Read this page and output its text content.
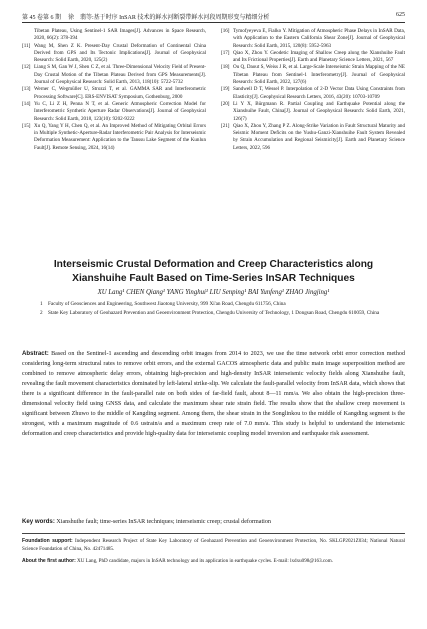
第 45 卷第 6 期 徐　翡等:基于时序 InSAR 技术的鲜水河断裂带鲜水河段周期形变与精细分析	625
Tibetan Plateau, Using Sentinel-1 SAR Images[J]. Advances in Space Research, 2020, 66(2): 378-394
[11] Wang M, Shen Z K. Present-Day Crustal Deformation of Continental China Derived from GPS and Its Tectonic Implications[J]. Journal of Geophysical Research: Solid Earth, 2020, 125(2)
[12] Liang S M, Gan W J, Shen C Z, et al. Three-Dimensional Velocity Field of Present-Day Crustal Motion of the Tibetan Plateau Derived from GPS Measurements[J]. Journal of Geophysical Research: Solid Earth, 2013, 118(10): 5722-5732
[13] Werner C, Wegmüller U, Strozzi T, et al. GAMMA SAR and Interferometric Processing Software[C]. ERS-ENVISAT Symposium, Gothenburg, 2000
[14] Yu C, Li Z H, Penna N T, et al. Generic Atmospheric Correction Model for Interferometric Synthetic Aperture Radar Observations[J]. Journal of Geophysical Research: Solid Earth, 2018, 123(10): 9202-9222
[15] Xu Q, Yang Y H, Chen Q, et al. An Improved Method of Mitigating Orbital Errors in Multiple Synthetic-Aperture-Radar Interferometric Pair Analysis for Interseismic Deformation Measurement: Application to the Tanssu Lake Segment of the Kunlun Fault[J]. Remote Sensing, 2024, 16(14)
[16] Tymofyeyeva E, Fialko Y. Mitigation of Atmospheric Phase Delays in InSAR Data, with Application to the Eastern California Shear Zone[J]. Journal of Geophysical Research: Solid Earth, 2015, 120(8): 5952-5963
[17] Qiao X, Zhou Y. Geodetic Imaging of Shallow Creep along the Xianshuihe Fault and Its Frictional Properties[J]. Earth and Planetary Science Letters, 2021, 567
[18] Ou Q, Daout S, Weiss J R, et al. Large-Scale Interseismic Strain Mapping of the NE Tibetan Plateau from Sentinel-1 Interferometry[J]. Journal of Geophysical Research: Solid Earth, 2022, 127(6)
[19] Sandwell D T, Wessel P. Interpolation of 2-D Vector Data Using Constraints from Elasticity[J]. Geophysical Research Letters, 2016, 43(20): 10703-10709
[20] Li Y X, Bürgmann R. Partial Coupling and Earthquake Potential along the Xianshuihe Fault, China[J]. Journal of Geophysical Research: Solid Earth, 2021, 126(7)
[21] Qiao X, Zhou Y, Zhang P Z. Along-Strike Variation in Fault Structural Maturity and Seismic Moment Deficits on the Yushu-Ganzi-Xianshuihe Fault System Revealed by Strain Accumulation and Regional Seismicity[J]. Earth and Planetary Science Letters, 2022, 596
Interseismic Crustal Deformation and Creep Characteristics along
Xianshuihe Fault Based on Time-Series InSAR Techniques
XU Lang¹ CHEN Qiang¹ YANG Yinghui¹ LIU Senping¹ BAI Yunfeng¹ ZHAO Jingjing¹
1	Faculty of Geosciences and Engineering, Southwest Jiaotong University, 999 Xi'an Road, Chengdu 611756, China
2	State Key Laboratory of Geohazard Prevention and Geoenvironment Protection, Chengdu University of Technology, 1 Dongsan Road, Chengdu 610059, China
Abstract: Based on the Sentinel-1 ascending and descending orbit images from 2014 to 2023, we use the time network orbit error correction method considering long-term structural rates to remove orbit errors, and the external GACOS atmospheric data and public main image superposition method are combined to remove atmospheric delay errors, obtaining high-precision and high-density InSAR interseismic velocity fields along Xianshuihe fault, revealing the fault movement characteristics dominated by left-lateral strike-slip. We calculate the fault-parallel velocity from InSAR data, which shows that there is a significant difference in the fault-parallel rate on both sides of far-field fault, about 8—11 mm/a. We also obtain the high-precision three-dimensional velocity field using GNSS data, and calculate the maximum shear rate strain field. The results show that the shallow creep movement is significant between Zhuwo to the middle of Kangding segment. Among them, the shear strain in the Songlinkou to the middle of Kangding segment is the strongest, with a maximum magnitude of 0.6 ustrain/a and a maximum creep rate of 7.0 mm/a. This study is helpful to understand the interseismic deformation and creep characteristics and provide high-quality data for interseismic coupling model inversion and earthquake risk assessment.
Key words: Xianshuihe fault; time-series InSAR techniques; interseismic creep; crustal deformation
Foundation support: Independent Research Project of State Key Laboratory of Geohazard Prevention and Geoenvironment Protection, No. SKLGP2021Z034; National Natural Science Foundation of China, No. 42471485.
About the first author: XU Lang, PhD candidate, majors in InSAR technology and its application in earthquake cycles. E-mail: lxdxu098@163.com.
